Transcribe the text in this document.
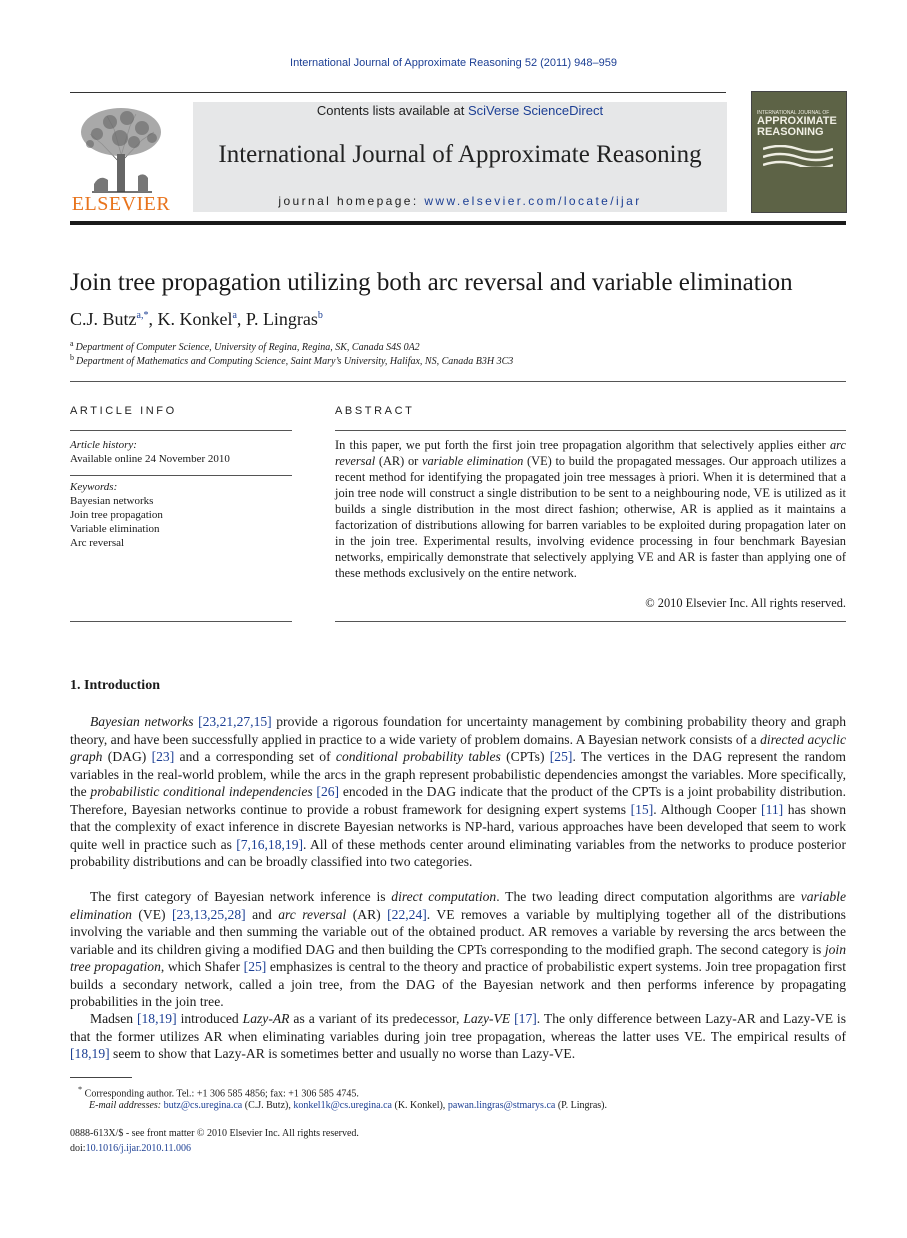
International Journal of Approximate Reasoning 52 (2011) 948–959
ELSEVIER
Contents lists available at SciVerse ScienceDirect
International Journal of Approximate Reasoning
journal homepage: www.elsevier.com/locate/ijar
INTERNATIONAL JOURNAL OF
APPROXIMATE
REASONING
Join tree propagation utilizing both arc reversal and variable elimination
C.J. Butz$^{a,*}$, K. Konkel$^a$, P. Lingras$^b$
$^a$ Department of Computer Science, University of Regina, Regina, SK, Canada S4S 0A2
$^b$ Department of Mathematics and Computing Science, Saint Mary’s University, Halifax, NS, Canada B3H 3C3
ARTICLE INFO
Article history:
Available online 24 November 2010
Keywords:
Bayesian networks
Join tree propagation
Variable elimination
Arc reversal
ABSTRACT
In this paper, we put forth the first join tree propagation algorithm that selectively applies either arc reversal (AR) or variable elimination (VE) to build the propagated messages. Our approach utilizes a recent method for identifying the propagated join tree messages à priori. When it is determined that a join tree node will construct a single distribution to be sent to a neighbouring node, VE is utilized as it builds a single distribution in the most direct fashion; otherwise, AR is applied as it maintains a factorization of distributions allowing for barren variables to be exploited during propagation later on in the join tree. Experimental results, involving evidence processing in four benchmark Bayesian networks, empirically demonstrate that selectively applying VE and AR is faster than applying one of these methods exclusively on the entire network.
© 2010 Elsevier Inc. All rights reserved.
1. Introduction
Bayesian networks [23,21,27,15] provide a rigorous foundation for uncertainty management by combining probability theory and graph theory, and have been successfully applied in practice to a wide variety of problem domains. A Bayesian network consists of a directed acyclic graph (DAG) [23] and a corresponding set of conditional probability tables (CPTs) [25]. The vertices in the DAG represent the random variables in the real-world problem, while the arcs in the graph represent probabilistic dependencies amongst the variables. More specifically, the probabilistic conditional independencies [26] encoded in the DAG indicate that the product of the CPTs is a joint probability distribution. Therefore, Bayesian networks continue to provide a robust framework for designing expert systems [15]. Although Cooper [11] has shown that the complexity of exact inference in discrete Bayesian networks is NP-hard, various approaches have been developed that seem to work quite well in practice such as [7,16,18,19]. All of these methods center around eliminating variables from the networks to produce posterior probability distributions and can be broadly classified into two categories.
The first category of Bayesian network inference is direct computation. The two leading direct computation algorithms are variable elimination (VE) [23,13,25,28] and arc reversal (AR) [22,24]. VE removes a variable by multiplying together all of the distributions involving the variable and then summing the variable out of the obtained product. AR removes a variable by reversing the arcs between the variable and its children giving a modified DAG and then building the CPTs corresponding to the modified graph. The second category is join tree propagation, which Shafer [25] emphasizes is central to the theory and practice of probabilistic expert systems. Join tree propagation first builds a secondary network, called a join tree, from the DAG of the Bayesian network and then performs inference by propagating probabilities in the join tree.
Madsen [18,19] introduced Lazy-AR as a variant of its predecessor, Lazy-VE [17]. The only difference between Lazy-AR and Lazy-VE is that the former utilizes AR when eliminating variables during join tree propagation, whereas the latter uses VE. The empirical results of [18,19] seem to show that Lazy-AR is sometimes better and usually no worse than Lazy-VE.
* Corresponding author. Tel.: +1 306 585 4856; fax: +1 306 585 4745.
E-mail addresses: butz@cs.uregina.ca (C.J. Butz), konkel1k@cs.uregina.ca (K. Konkel), pawan.lingras@stmarys.ca (P. Lingras).
0888-613X/$ - see front matter © 2010 Elsevier Inc. All rights reserved.
doi:10.1016/j.ijar.2010.11.006
